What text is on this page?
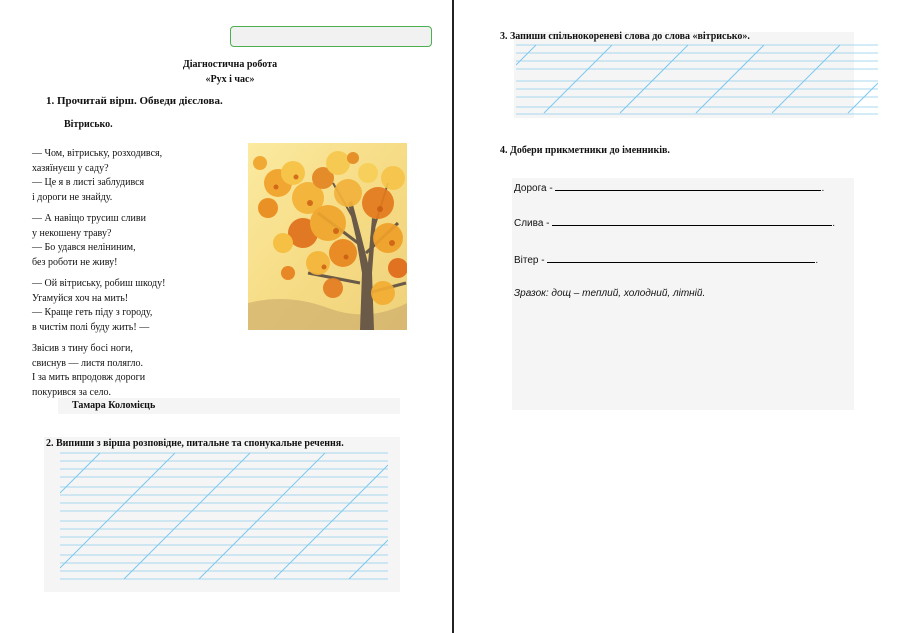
Діагностична робота
«Рух і час»
1. Прочитай вірш. Обведи дієслова.
Вітрисько.

— Чом, вітриську, розходився,
хазяїнуєш у саду?
— Це я в листі заблудився
і дороги не знайду.

— А навіщо трусиш сливи
у некошену траву?
— Бо удався неліниним,
без роботи не живу!

— Ой вітриську, робиш шкоду!
Угамуйся хоч на мить!
— Краще геть піду з городу,
в чистім полі буду жить! —

Звісив з тину босі ноги,
свиснув — листя полягло.
І за мить впродовж дороги
покурився за село.

Тамара Коломієць
2. Випиши з вірша розповідне, питальне та спонукальне речення.
3. Запиши спільнокореневі слова до слова «вітрисько».
4. Добери прикметники до іменників.
Дорога -	.
Слива -	.
Вітер -	.
Зразок: дощ – теплий, холодний, літній.
